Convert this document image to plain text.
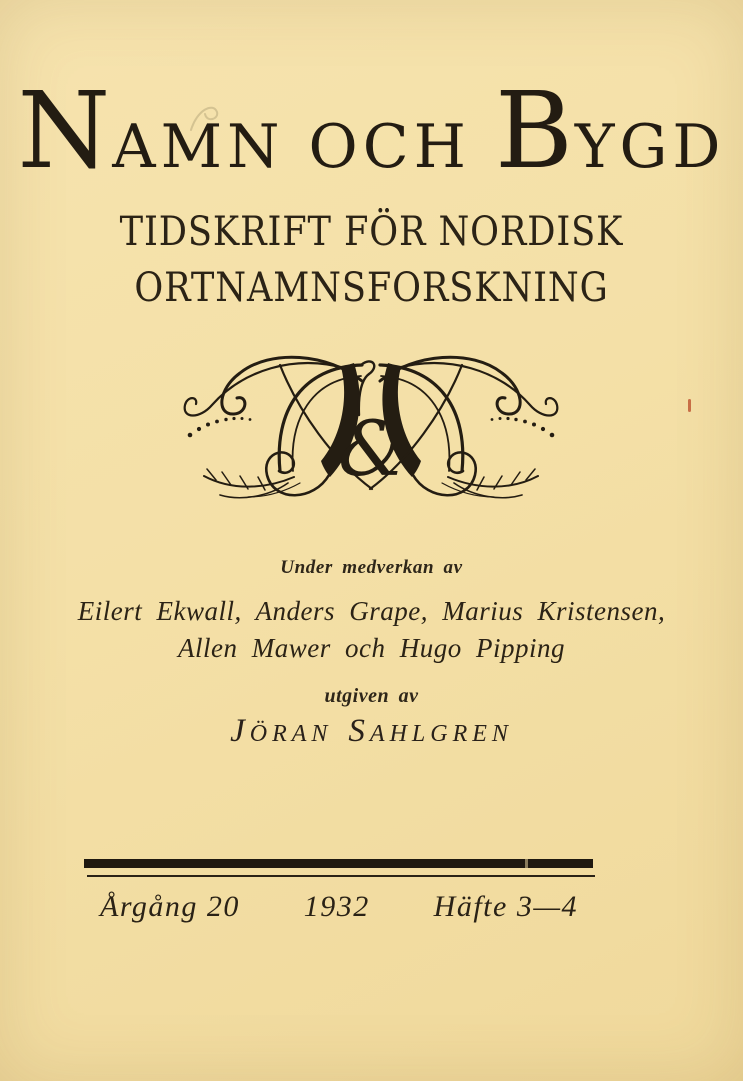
NAMN OCH BYGD
TIDSKRIFT FÖR NORDISK
ORTNAMNSFORSKNING
&
Under medverkan av
Eilert Ekwall, Anders Grape, Marius Kristensen,
Allen Mawer och Hugo Pipping
utgiven av
JÖRAN SAHLGREN
Årgång 20 1932 Häfte 3—4
